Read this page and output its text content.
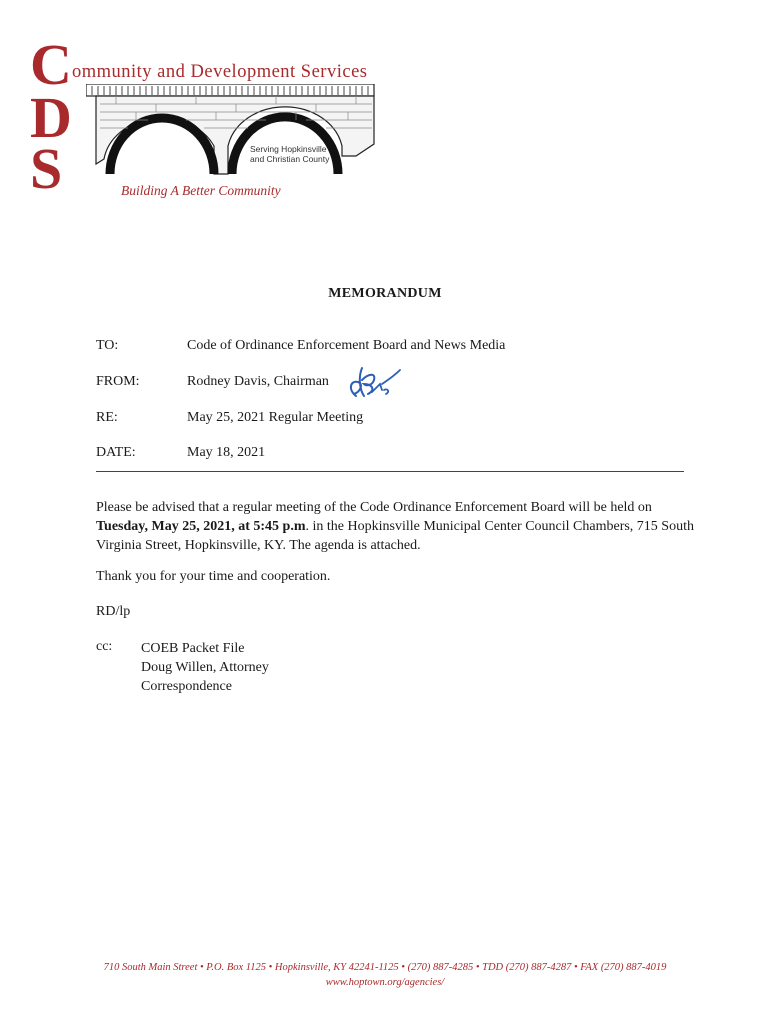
C
D
S
ommunity and Development Services
Serving Hopkinsville
and Christian County
Building A Better Community
MEMORANDUM
TO:	Code of Ordinance Enforcement Board and News Media
FROM:	Rodney Davis, Chairman
RE:	May 25, 2021 Regular Meeting
DATE:	May 18, 2021
Please be advised that a regular meeting of the Code Ordinance Enforcement Board will be held on Tuesday, May 25, 2021, at 5:45 p.m. in the Hopkinsville Municipal Center Council Chambers, 715 South Virginia Street, Hopkinsville, KY. The agenda is attached.
Thank you for your time and cooperation.
RD/lp
cc: COEB Packet File
Doug Willen, Attorney
Correspondence
710 South Main Street • P.O. Box 1125 • Hopkinsville, KY 42241-1125 • (270) 887-4285 • TDD (270) 887-4287 • FAX (270) 887-4019
www.hoptown.org/agencies/
